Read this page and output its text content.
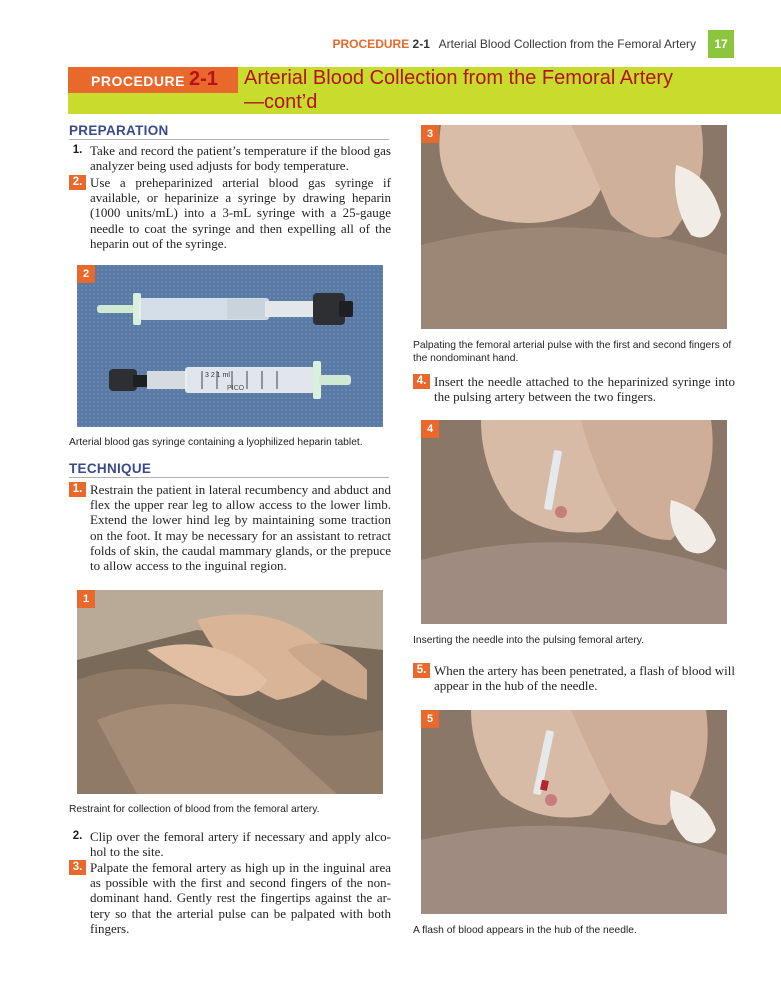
PROCEDURE 2-1 Arterial Blood Collection from the Femoral Artery	17
PROCEDURE 2-1 Arterial Blood Collection from the Femoral Artery—cont’d
PREPARATION
1. Take and record the patient’s temperature if the blood gas analyzer being used adjusts for body temperature.
2. Use a preheparinized arterial blood gas syringe if available, or heparinize a syringe by drawing heparin (1000 units/mL) into a 3-mL syringe with a 25-gauge needle to coat the syringe and then expelling all of the heparin out of the syringe.
3 2 1 ml
PICO
2
Arterial blood gas syringe containing a lyophilized heparin tablet.
TECHNIQUE
1. Restrain the patient in lateral recumbency and abduct and flex the upper rear leg to allow access to the lower limb. Extend the lower hind leg by maintaining some traction on the foot. It may be necessary for an assistant to retract folds of skin, the caudal mammary glands, or the prepuce to allow access to the inguinal region.
1
Restraint for collection of blood from the femoral artery.
2. Clip over the femoral artery if necessary and apply alco-hol to the site.
3. Palpate the femoral artery as high up in the inguinal area as possible with the first and second fingers of the non-dominant hand. Gently rest the fingertips against the ar-tery so that the arterial pulse can be palpated with both fingers.
3
Palpating the femoral arterial pulse with the first and second fingers of the nondominant hand.
4. Insert the needle attached to the heparinized syringe into the pulsing artery between the two fingers.
4
Inserting the needle into the pulsing femoral artery.
5. When the artery has been penetrated, a flash of blood will appear in the hub of the needle.
5
A flash of blood appears in the hub of the needle.
